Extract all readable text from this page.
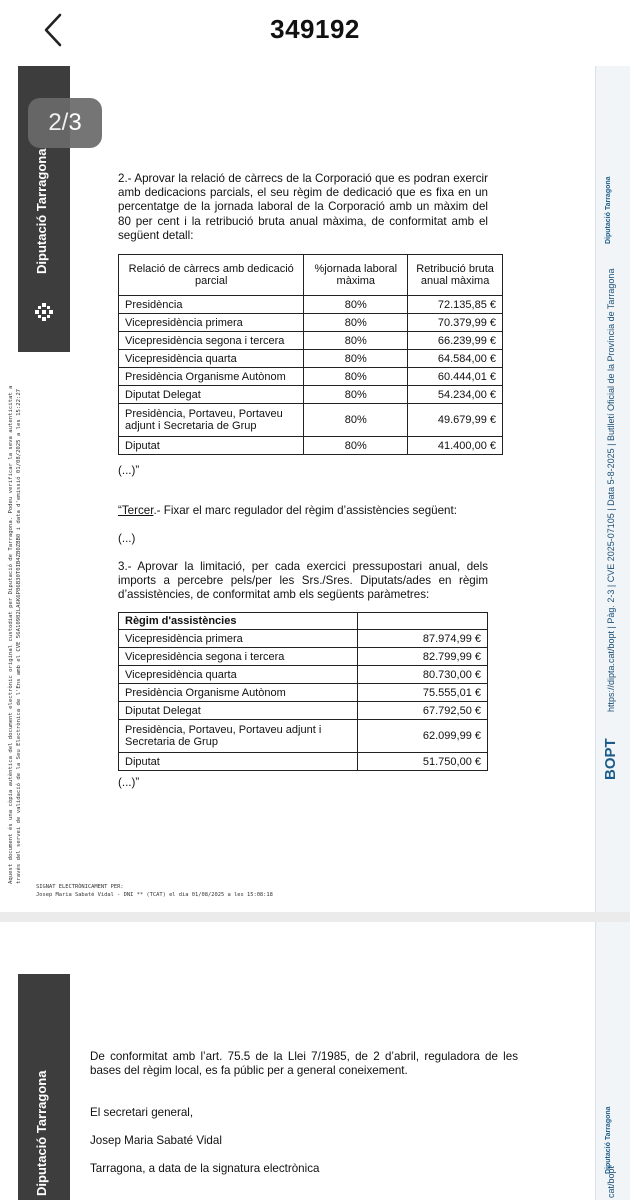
349192
Diputació Tarragona
Aquest document és una còpia autèntica del document electrònic original custodiat per Diputació de Tarragona. Podeu verificar la seva autenticitat a través del servei de validació de la Seu Electrònica de l'Ens amb el CVE 56A10982LA6K6P86B30T0IB4ZB0ZBB0 i data d'emissió 01/08/2025 a les 15:22:27
Diputació Tarragona
https://dipta.cat/bopt | Pàg. 2-3 | CVE 2025-07105 | Data 5-8-2025 | Butlletí Oficial de la Província de Tarragona
BOPT
2/3
2.- Aprovar la relació de càrrecs de la Corporació que es podran exercir amb dedicacions parcials, el seu règim de dedicació que es fixa en un percentatge de la jornada laboral de la Corporació amb un màxim del 80 per cent i la retribució bruta anual màxima, de conformitat amb el següent detall:
Relació de càrrecs amb dedicació parcial	%jornada laboral màxima	Retribució bruta anual màxima
Presidència	80%	72.135,85 €
Vicepresidència primera	80%	70.379,99 €
Vicepresidència segona i tercera	80%	66.239,99 €
Vicepresidència quarta	80%	64.584,00 €
Presidència Organisme Autònom	80%	60.444,01 €
Diputat Delegat	80%	54.234,00 €
Presidència, Portaveu, Portaveu adjunt i Secretaria de Grup	80%	49.679,99 €
Diputat	80%	41.400,00 €
(...)”
“Tercer.- Fixar el marc regulador del règim d’assistències següent:
(...)
3.- Aprovar la limitació, per cada exercici pressupostari anual, dels imports a percebre pels/per les Srs./Sres. Diputats/ades en règim d’assistències, de conformitat amb els següents paràmetres:
Règim d'assistències	
Vicepresidència primera	87.974,99 €
Vicepresidència segona i tercera	82.799,99 €
Vicepresidència quarta	80.730,00 €
Presidència Organisme Autònom	75.555,01 €
Diputat Delegat	67.792,50 €
Presidència, Portaveu, Portaveu adjunt i Secretaria de Grup	62.099,99 €
Diputat	51.750,00 €
(...)”
SIGNAT ELECTRÒNICAMENT PER:
Josep Maria Sabaté Vidal - DNI ** (TCAT) el dia 01/08/2025 a les 15:08:18
Diputació Tarragona	Diputació Tarragona
cat/bopt
De conformitat amb l’art. 75.5 de la Llei 7/1985, de 2 d’abril, reguladora de les bases del règim local, es fa públic per a general coneixement.
El secretari general,
Josep Maria Sabaté Vidal
Tarragona, a data de la signatura electrònica
